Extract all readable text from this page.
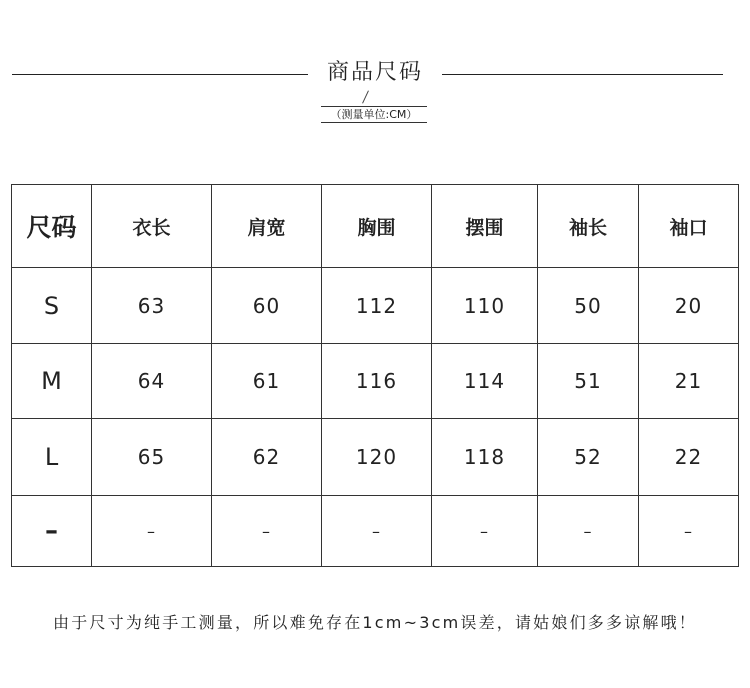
商品尺码
（测量单位:CM）
尺码	衣长	肩宽	胸围	摆围	袖长	袖口
S	63	60	112	110	50	20
M	64	61	116	114	51	21
L	65	62	120	118	52	22
–	–	–	–	–	–	–
由于尺寸为纯手工测量，所以难免存在1cm~3cm误差，请姑娘们多多谅解哦！
